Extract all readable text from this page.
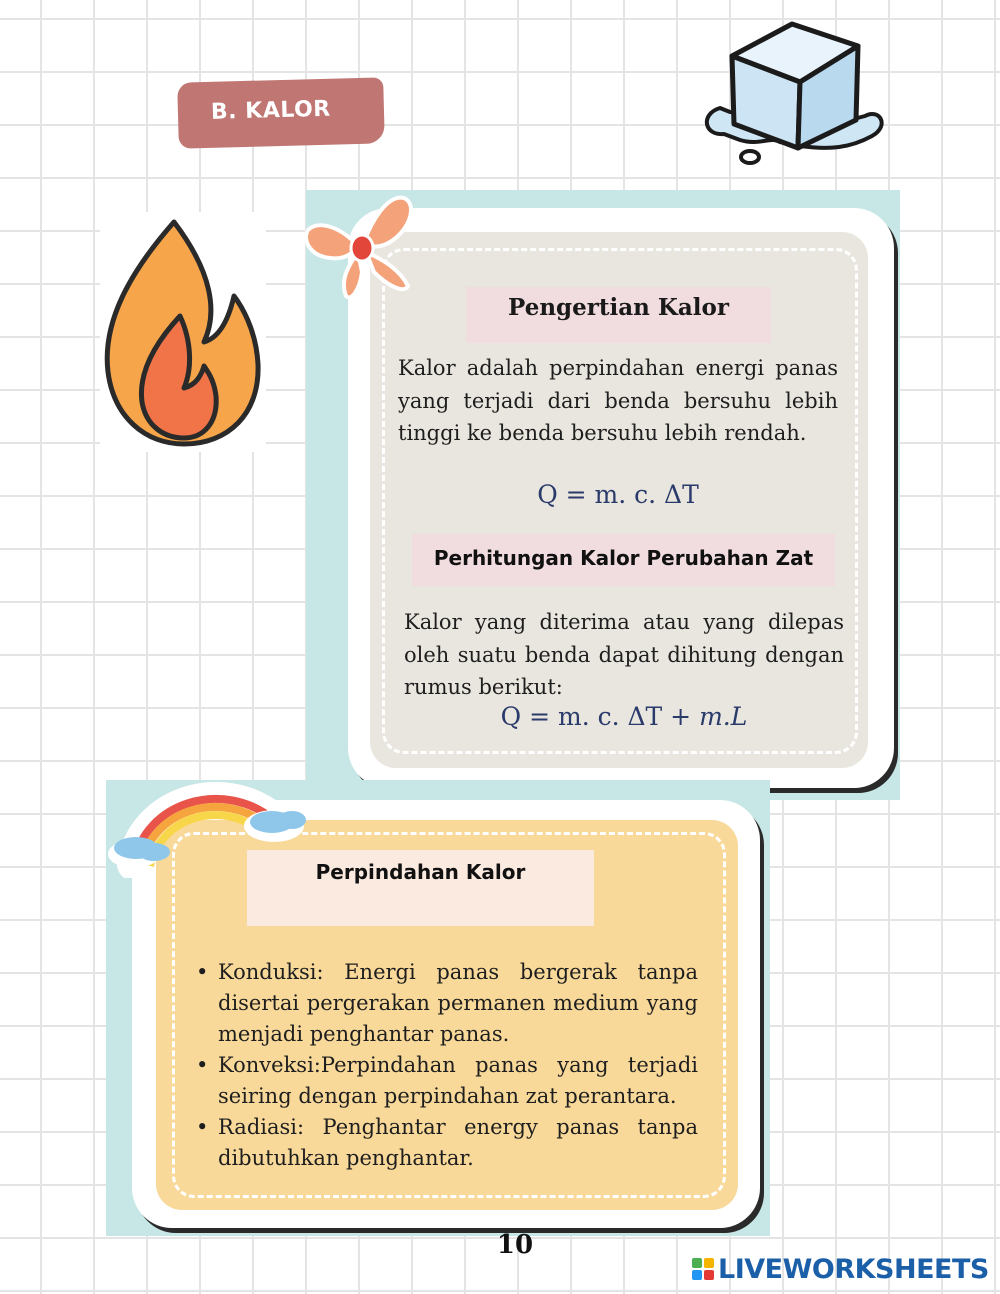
B. KALOR
Pengertian Kalor
Kalor adalah perpindahan energi panas yang terjadi dari benda bersuhu lebih tinggi ke benda bersuhu lebih rendah.
Q = m. c. ΔT
Perhitungan Kalor Perubahan Zat
Kalor yang diterima atau yang dilepas oleh suatu benda dapat dihitung dengan rumus berikut:
Q = m. c. ΔT + m.L
Perpindahan Kalor
• Konduksi: Energi panas bergerak tanpa disertai pergerakan permanen medium yang menjadi penghantar panas.
• Konveksi:Perpindahan panas yang terjadi seiring dengan perpindahan zat perantara.
• Radiasi: Penghantar energy panas tanpa dibutuhkan penghantar.
10
LIVEWORKSHEETS
